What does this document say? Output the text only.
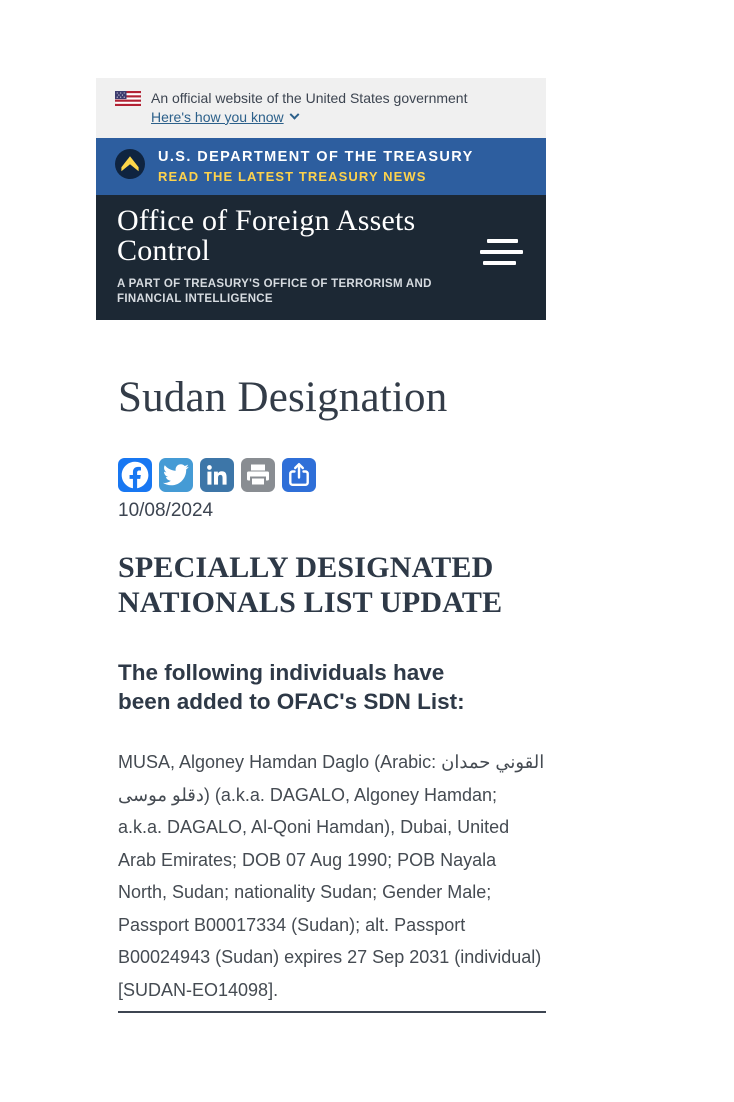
An official website of the United States government
Here's how you know
U.S. DEPARTMENT OF THE TREASURY
READ THE LATEST TREASURY NEWS
Office of Foreign Assets Control
A PART OF TREASURY'S OFFICE OF TERRORISM AND FINANCIAL INTELLIGENCE
Sudan Designation
10/08/2024
SPECIALLY DESIGNATED NATIONALS LIST UPDATE
The following individuals have been added to OFAC's SDN List:

MUSA, Algoney Hamdan Daglo (Arabic: القوني حمدان دقلو موسى) (a.k.a. DAGALO, Algoney Hamdan; a.k.a. DAGALO, Al-Qoni Hamdan), Dubai, United Arab Emirates; DOB 07 Aug 1990; POB Nayala North, Sudan; nationality Sudan; Gender Male; Passport B00017334 (Sudan); alt. Passport B00024943 (Sudan) expires 27 Sep 2031 (individual) [SUDAN-EO14098].
